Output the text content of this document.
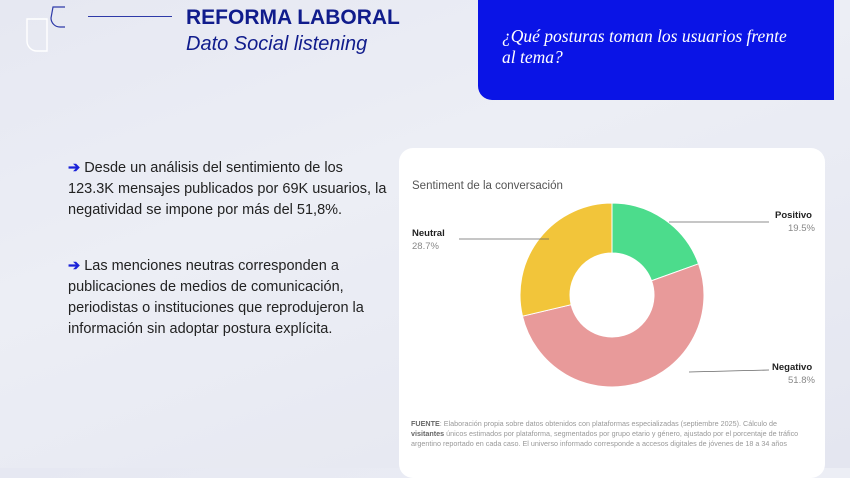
REFORMA LABORAL
Dato Social listening	¿Qué posturas toman los usuarios frente al tema?
➔ Desde un análisis del sentimiento de los 123.3K mensajes publicados por 69K usuarios, la negatividad se impone por más del 51,8%.
➔ Las menciones neutras corresponden a publicaciones de medios de comunicación, periodistas o instituciones que reprodujeron la información sin adoptar postura explícita.
Sentiment de la conversación
Positivo
19.5%
Neutral
28.7%
Negativo
51.8%
FUENTE: Elaboración propia sobre datos obtenidos con plataformas especializadas (septiembre 2025). Cálculo de visitantes únicos estimados por plataforma, segmentados por grupo etario y género, ajustado por el porcentaje de tráfico argentino reportado en cada caso. El universo informado corresponde a accesos digitales de jóvenes de 18 a 34 años
